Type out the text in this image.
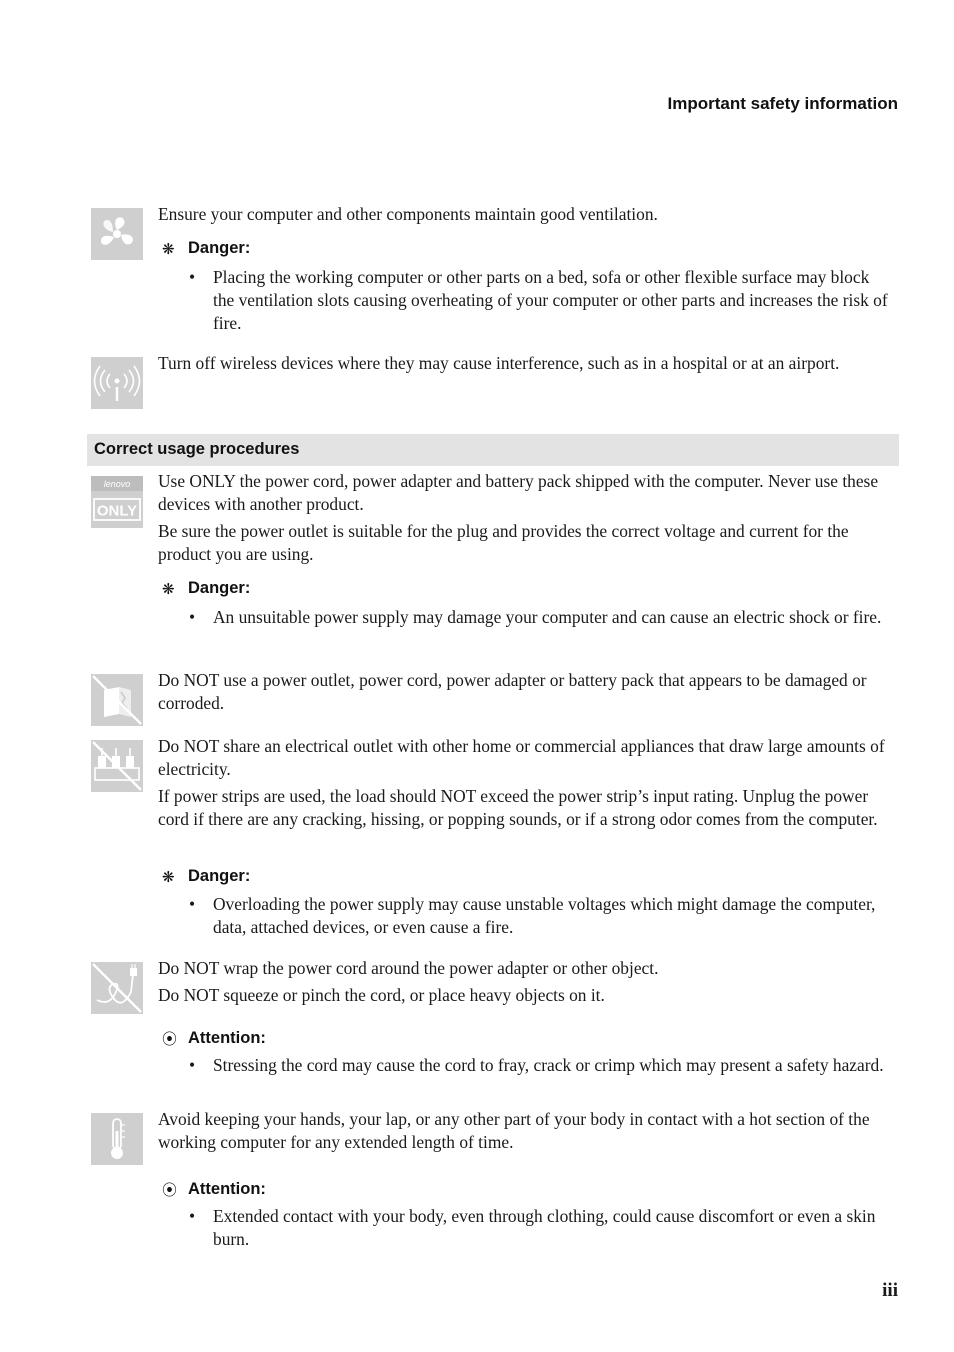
Important safety information

Ensure your computer and other components maintain good ventilation.

❋ Danger:
•	Placing the working computer or other parts on a bed, sofa or other flexible surface may block the ventilation slots causing overheating of your computer or other parts and increases the risk of fire.

Turn off wireless devices where they may cause interference, such as in a hospital or at an airport.

Correct usage procedures
lenovo
ONLY

Use ONLY the power cord, power adapter and battery pack shipped with the computer. Never use these devices with another product.

Be sure the power outlet is suitable for the plug and provides the correct voltage and current for the product you are using.

❋ Danger:
•	An unsuitable power supply may damage your computer and can cause an electric shock or fire.

Do NOT use a power outlet, power cord, power adapter or battery pack that appears to be damaged or corroded.

Do NOT share an electrical outlet with other home or commercial appliances that draw large amounts of electricity.

If power strips are used, the load should NOT exceed the power strip’s input rating. Unplug the power cord if there are any cracking, hissing, or popping sounds, or if a strong odor comes from the computer.

❋ Danger:
•	Overloading the power supply may cause unstable voltages which might damage the computer, data, attached devices, or even cause a fire.

Do NOT wrap the power cord around the power adapter or other object.

Do NOT squeeze or pinch the cord, or place heavy objects on it.

⦿ Attention:
•	Stressing the cord may cause the cord to fray, crack or crimp which may present a safety hazard.

Avoid keeping your hands, your lap, or any other part of your body in contact with a hot section of the working computer for any extended length of time.

⦿ Attention:
•	Extended contact with your body, even through clothing, could cause discomfort or even a skin burn.
iii
